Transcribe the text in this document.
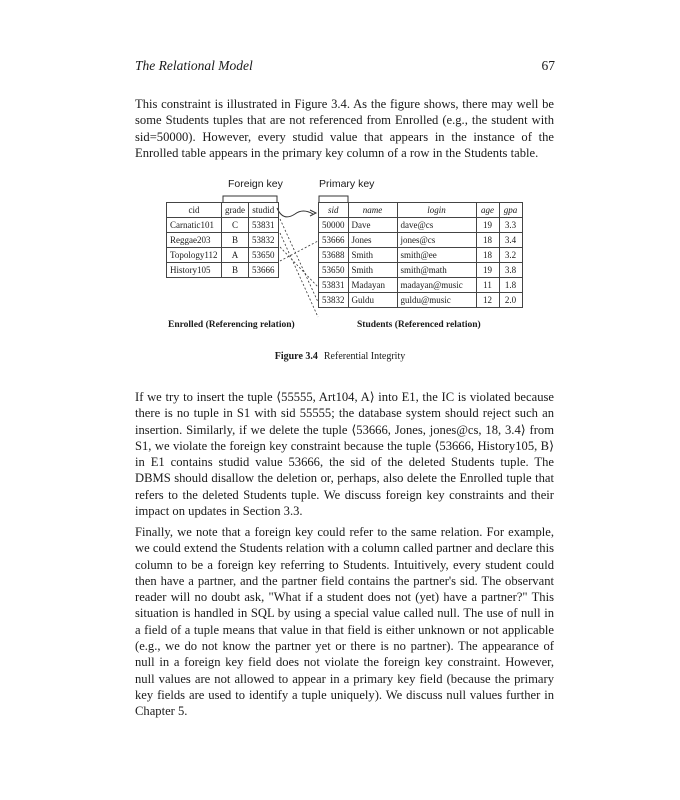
The Relational Model	67

This constraint is illustrated in Figure 3.4. As the figure shows, there may well be some Students tuples that are not referenced from Enrolled (e.g., the student with sid=50000). However, every studid value that appears in the instance of the Enrolled table appears in the primary key column of a row in the Students table.

Foreign key	Primary key
cid	grade	studid
Carnatic101	C	53831
Reggae203	B	53832
Topology112	A	53650
History105	B	53666
sid	name	login	age	gpa
50000	Dave	dave@cs	19	3.3
53666	Jones	jones@cs	18	3.4
53688	Smith	smith@ee	18	3.2
53650	Smith	smith@math	19	3.8
53831	Madayan	madayan@music	11	1.8
53832	Guldu	guldu@music	12	2.0
Enrolled (Referencing relation)	Students (Referenced relation)
Figure 3.4 Referential Integrity

If we try to insert the tuple ⟨55555, Art104, A⟩ into E1, the IC is violated because there is no tuple in S1 with sid 55555; the database system should reject such an insertion. Similarly, if we delete the tuple ⟨53666, Jones, jones@cs, 18, 3.4⟩ from S1, we violate the foreign key constraint because the tuple ⟨53666, History105, B⟩ in E1 contains studid value 53666, the sid of the deleted Students tuple. The DBMS should disallow the deletion or, perhaps, also delete the Enrolled tuple that refers to the deleted Students tuple. We discuss foreign key constraints and their impact on updates in Section 3.3.

Finally, we note that a foreign key could refer to the same relation. For example, we could extend the Students relation with a column called partner and declare this column to be a foreign key referring to Students. Intuitively, every student could then have a partner, and the partner field contains the partner's sid. The observant reader will no doubt ask, "What if a student does not (yet) have a partner?" This situation is handled in SQL by using a special value called null. The use of null in a field of a tuple means that value in that field is either unknown or not applicable (e.g., we do not know the partner yet or there is no partner). The appearance of null in a foreign key field does not violate the foreign key constraint. However, null values are not allowed to appear in a primary key field (because the primary key fields are used to identify a tuple uniquely). We discuss null values further in Chapter 5.
